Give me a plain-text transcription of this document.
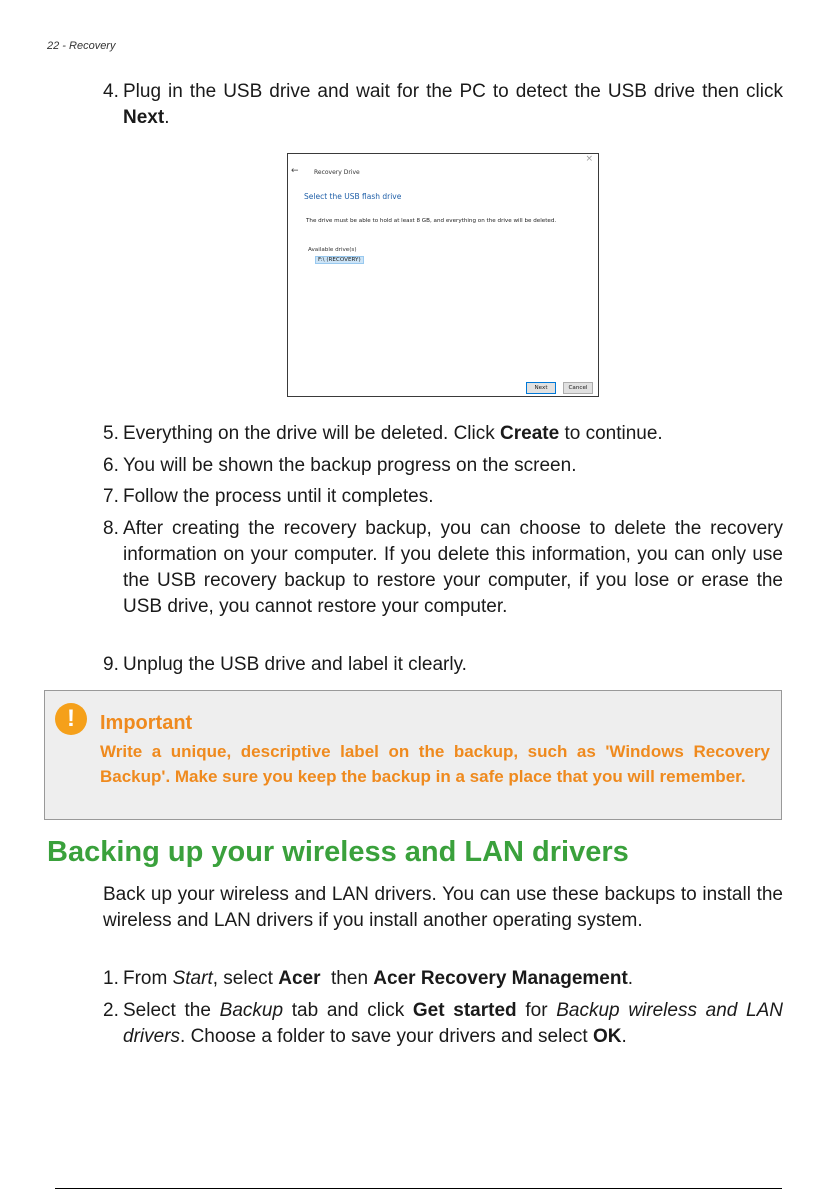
22 - Recovery
4. Plug in the USB drive and wait for the PC to detect the USB drive then click Next.
×
←	Recovery Drive
Select the USB flash drive
The drive must be able to hold at least 8 GB, and everything on the drive will be deleted.
Available drive(s)
F:\ (RECOVERY)
Next	Cancel
5. Everything on the drive will be deleted. Click Create to continue.
6. You will be shown the backup progress on the screen.
7. Follow the process until it completes.
8. After creating the recovery backup, you can choose to delete the recovery information on your computer. If you delete this information, you can only use the USB recovery backup to restore your computer, if you lose or erase the USB drive, you cannot restore your computer.
9. Unplug the USB drive and label it clearly.
!	Important
Write a unique, descriptive label on the backup, such as 'Windows Recovery Backup'. Make sure you keep the backup in a safe place that you will remember.
Backing up your wireless and LAN drivers
Back up your wireless and LAN drivers. You can use these backups to install the wireless and LAN drivers if you install another operating system.
1. From Start, select Acer  then Acer Recovery Management.
2. Select the Backup tab and click Get started for Backup wireless and LAN drivers. Choose a folder to save your drivers and select OK.
